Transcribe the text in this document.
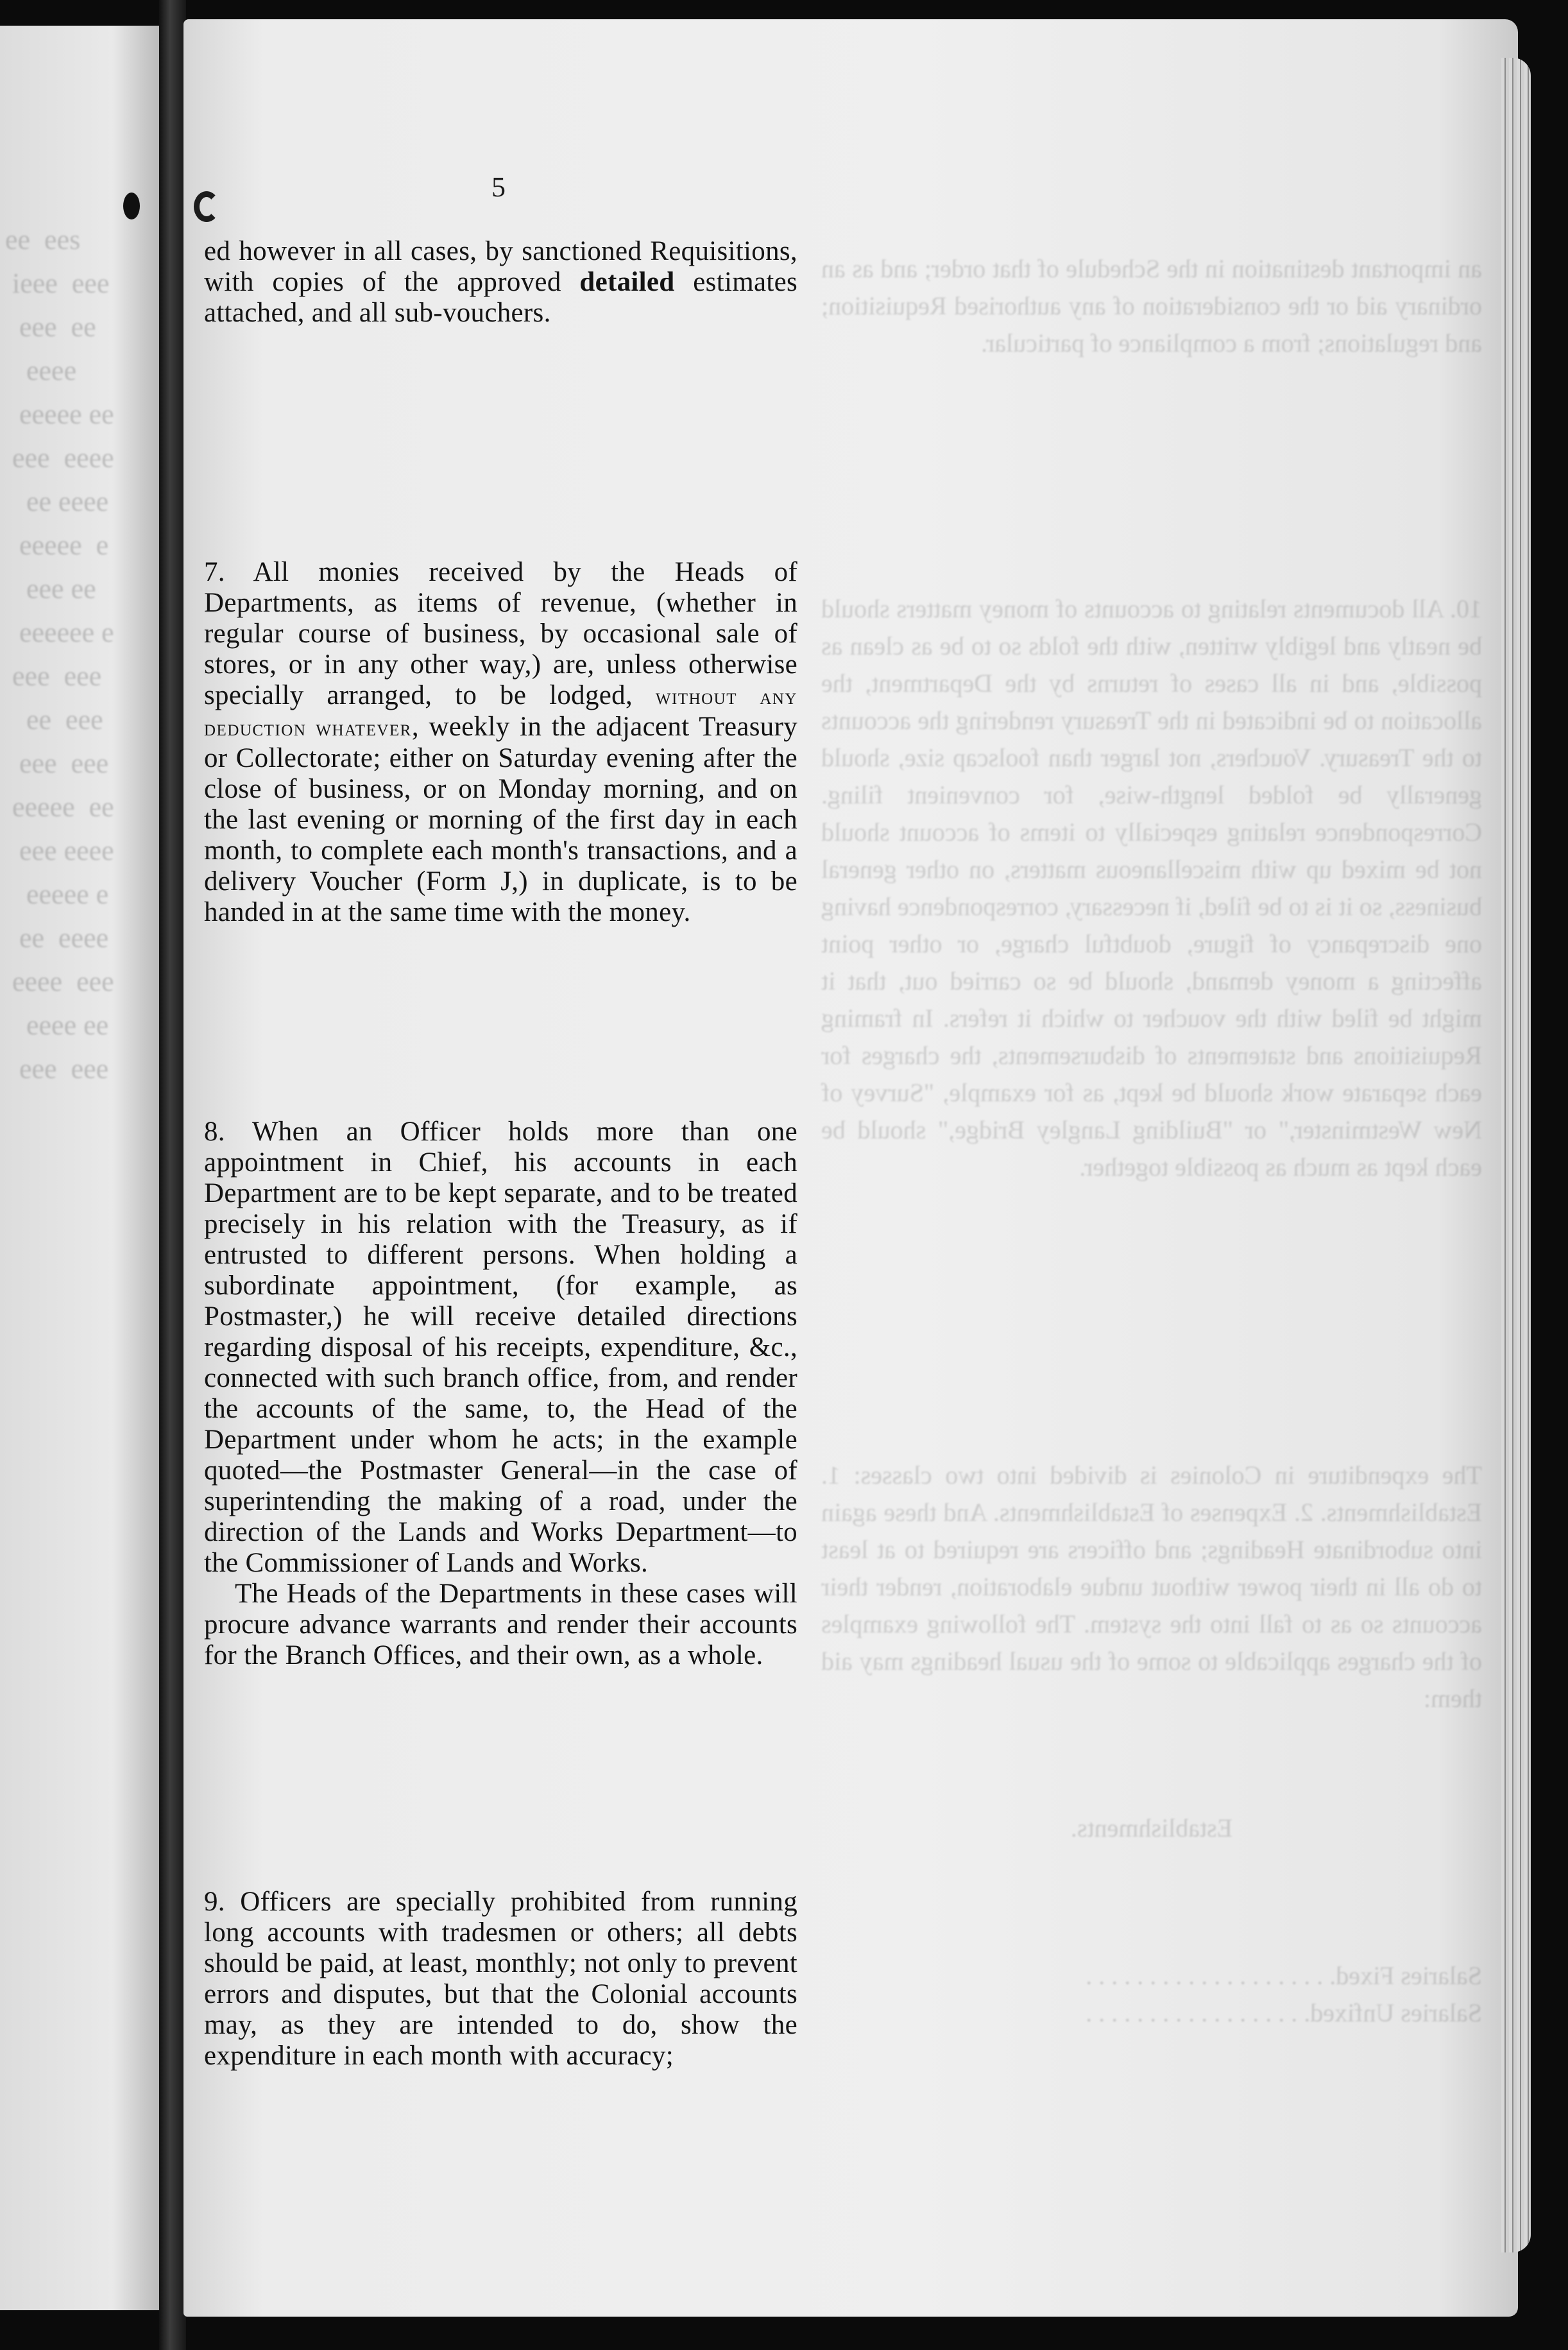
ee  ees
ieee  eee
eee  ee
eeee
eeeee ee
eee  eeee
ee eeee
eeeee  e
eee ee
eeeeee e
eee  eee
ee  eee
eee  eee
eeeee  ee
eee eeee
eeeee e
ee  eeee
eeee  eee
eeee ee
eee  eee
an important destination in the Schedule of that order; and as an ordinary aid or the consideration of any authorised Requisition; and regulations; from a compliance of particular.
10. All documents relating to accounts of money matters should be neatly and legibly written, with the folds so to be as clean as possible, and in all cases of returns by the Department, the allocation to be indicated in the Treasury rendering the accounts to the Treasury. Vouchers, not larger than foolscap size, should generally be folded length-wise, for convenient filing. Correspondence relating especially to items of account should not be mixed up with miscellaneous matters, on other general business, so it is to be filed, if necessary, correspondence having one discrepancy of figure, doubtful charge, or other point affecting a money demand, should be so carried out, that it might be filed with the voucher to which it refers. In framing Requisitions and statements of disbursements, the charges for each separate work should be kept, as for example, "Survey of New Westminster," or "Building Langley Bridge," should be each kept as much as possible together.
The expenditure in Colonies is divided into two classes: 1. Establishments. 2. Expenses of Establishments. And these again into subordinate Headings; and officers are required to at least to do all in their power without undue elaboration, render their accounts so as to fall into the system. The following examples of the charges applicable to some of the usual headings may aid them:
Establishments.
Salaries Fixed. . . . . . . . . . . . . . . . . . . .
Salaries Unfixed. . . . . . . . . . . . . . . . . .
5

ed however in all cases, by sanctioned Requisitions, with copies of the approved detailed estimates attached, and all sub-vouchers.

7. All monies received by the Heads of Departments, as items of revenue, (whether in regular course of business, by occasional sale of stores, or in any other way,) are, unless otherwise specially arranged, to be lodged, without any deduction whatever, weekly in the adjacent Treasury or Collectorate; either on Saturday evening after the close of business, or on Monday morning, and on the last evening or morning of the first day in each month, to complete each month's transactions, and a delivery Voucher (Form J,) in duplicate, is to be handed in at the same time with the money.

8. When an Officer holds more than one appointment in Chief, his accounts in each Department are to be kept separate, and to be treated precisely in his relation with the Treasury, as if entrusted to different persons. When holding a subordinate appointment, (for example, as Postmaster,) he will receive detailed directions regarding disposal of his receipts, expenditure, &c., connected with such branch office, from, and render the accounts of the same, to, the Head of the Department under whom he acts; in the example quoted—the Postmaster General—in the case of superintending the making of a road, under the direction of the Lands and Works Department—to the Commissioner of Lands and Works.

The Heads of the Departments in these cases will procure advance warrants and render their accounts for the Branch Offices, and their own, as a whole.

9. Officers are specially prohibited from running long accounts with tradesmen or others; all debts should be paid, at least, monthly; not only to prevent errors and disputes, but that the Colonial accounts may, as they are intended to do, show the expenditure in each month with accuracy;
